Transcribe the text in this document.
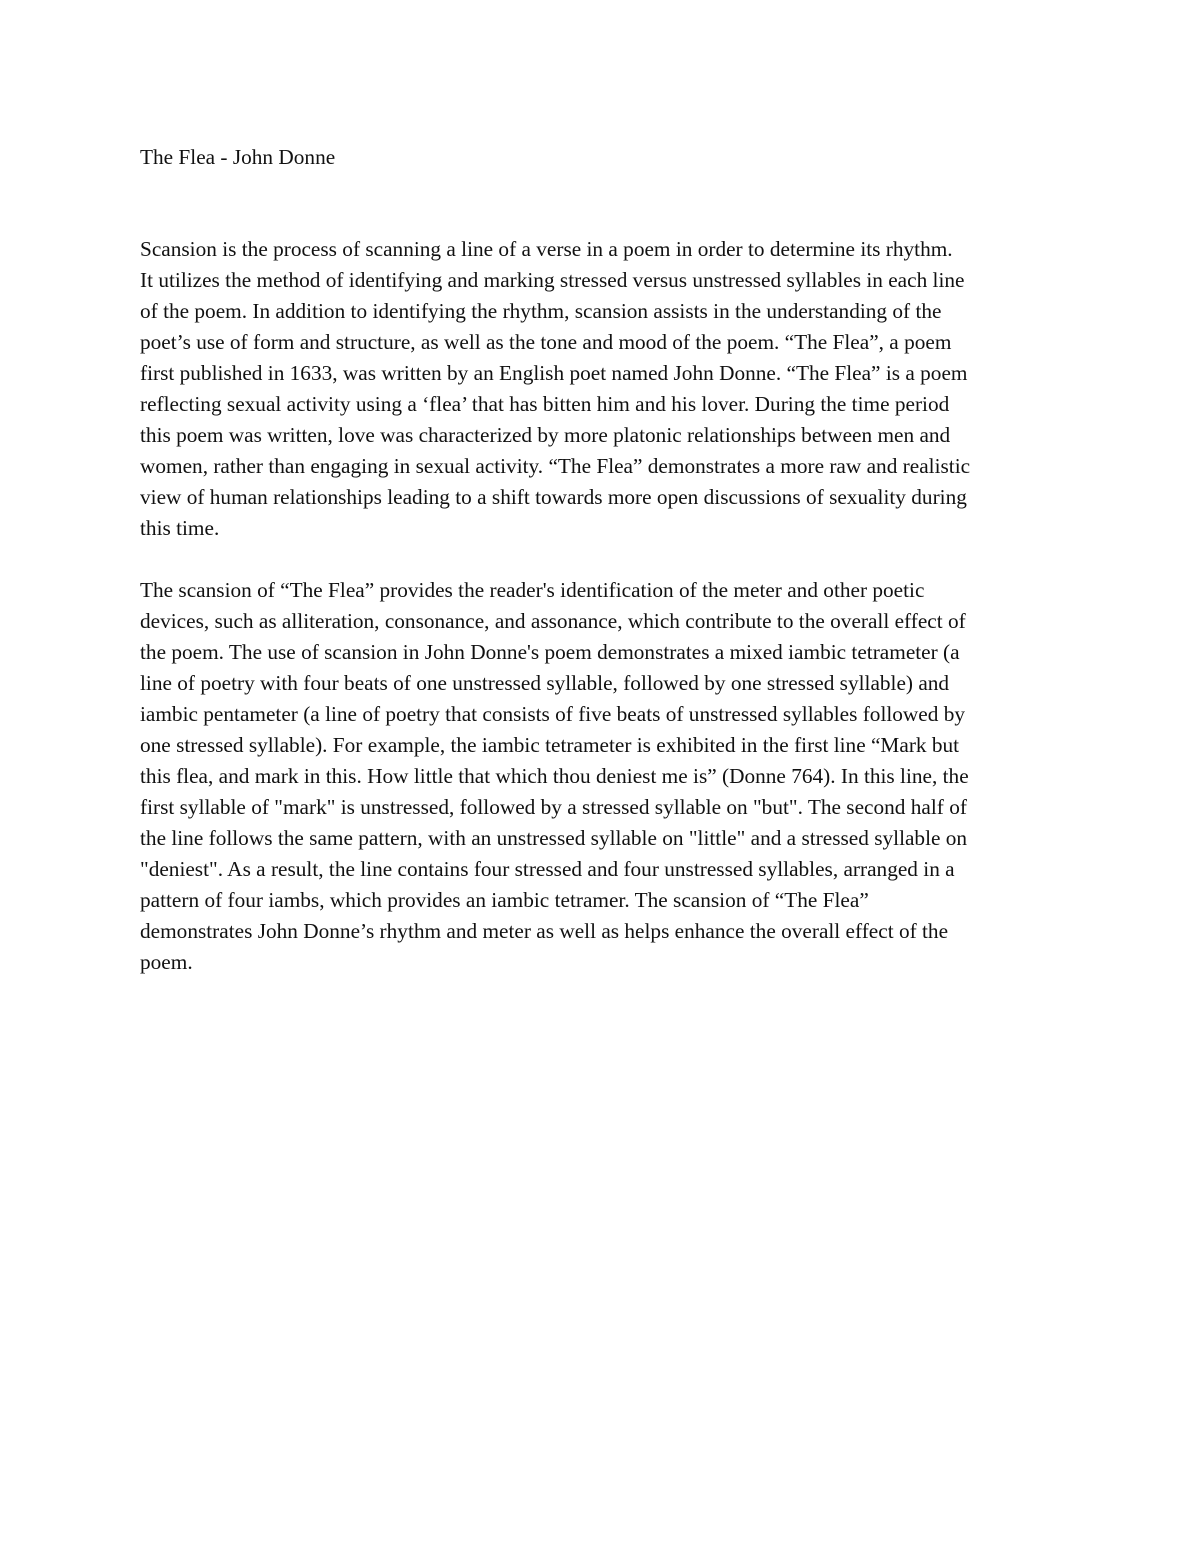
The Flea - John Donne
Scansion is the process of scanning a line of a verse in a poem in order to determine its rhythm.
It utilizes the method of identifying and marking stressed versus unstressed syllables in each line
of the poem. In addition to identifying the rhythm, scansion assists in the understanding of the
poet’s use of form and structure, as well as the tone and mood of the poem. “The Flea”, a poem
first published in 1633, was written by an English poet named John Donne. “The Flea” is a poem
reflecting sexual activity using a ‘flea’ that has bitten him and his lover. During the time period
this poem was written, love was characterized by more platonic relationships between men and
women, rather than engaging in sexual activity. “The Flea” demonstrates a more raw and realistic
view of human relationships leading to a shift towards more open discussions of sexuality during
this time.
The scansion of “The Flea” provides the reader's identification of the meter and other poetic
devices, such as alliteration, consonance, and assonance, which contribute to the overall effect of
the poem. The use of scansion in John Donne's poem demonstrates a mixed iambic tetrameter (a
line of poetry with four beats of one unstressed syllable, followed by one stressed syllable) and
iambic pentameter (a line of poetry that consists of five beats of unstressed syllables followed by
one stressed syllable). For example, the iambic tetrameter is exhibited in the first line “Mark but
this flea, and mark in this. How little that which thou deniest me is” (Donne 764). In this line, the
first syllable of "mark" is unstressed, followed by a stressed syllable on "but". The second half of
the line follows the same pattern, with an unstressed syllable on "little" and a stressed syllable on
"deniest". As a result, the line contains four stressed and four unstressed syllables, arranged in a
pattern of four iambs, which provides an iambic tetramer. The scansion of “The Flea”
demonstrates John Donne’s rhythm and meter as well as helps enhance the overall effect of the
poem.
